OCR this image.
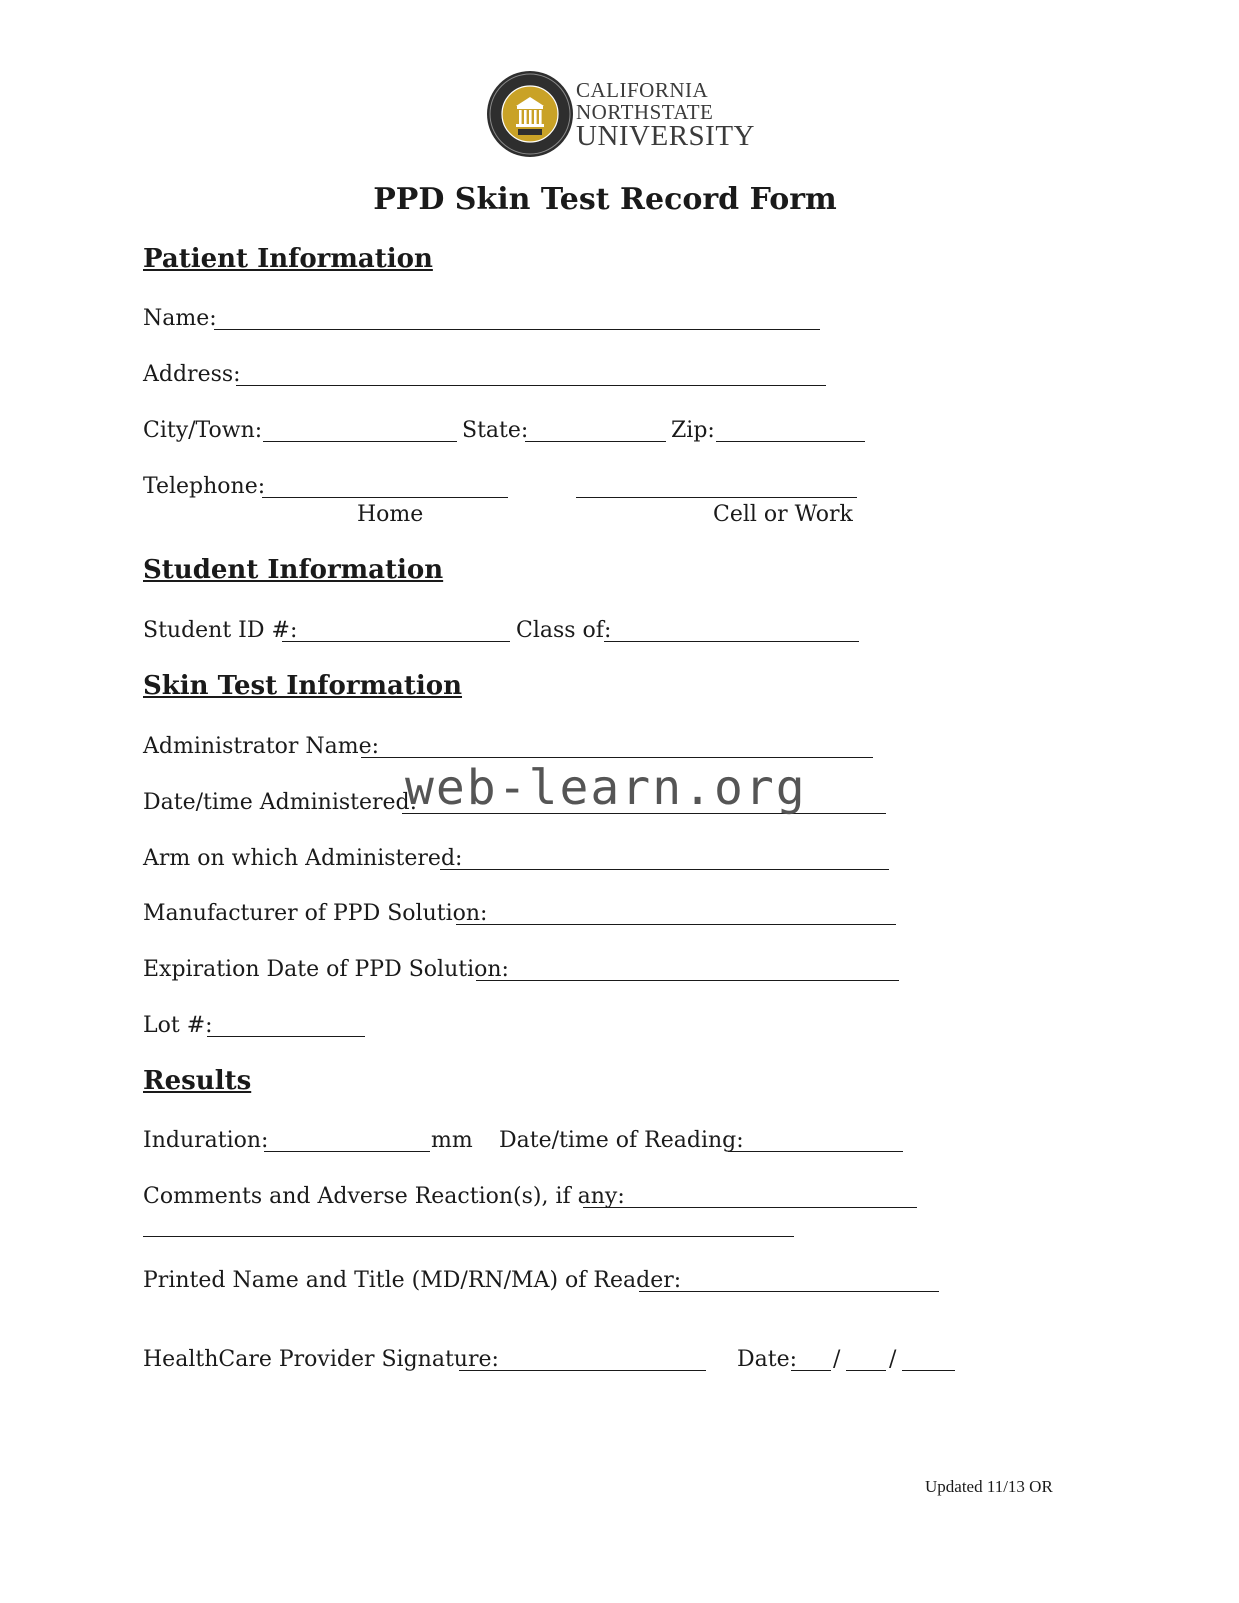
CALIFORNIA
NORTHSTATE
UNIVERSITY
PPD Skin Test Record Form
Patient Information
Name:
Address:
City/Town:	State:	Zip:
Telephone:
Home	Cell or Work
Student Information
Student ID #:	Class of:
Skin Test Information
Administrator Name:
Date/time Administered:
Arm on which Administered:
Manufacturer of PPD Solution:
Expiration Date of PPD Solution:
Lot #:
Results
Induration:	mm Date/time of Reading:
Comments and Adverse Reaction(s), if any:
Printed Name and Title (MD/RN/MA) of Reader:
HealthCare Provider Signature:	Date: / /
web-learn.org
Updated 11/13 OR
